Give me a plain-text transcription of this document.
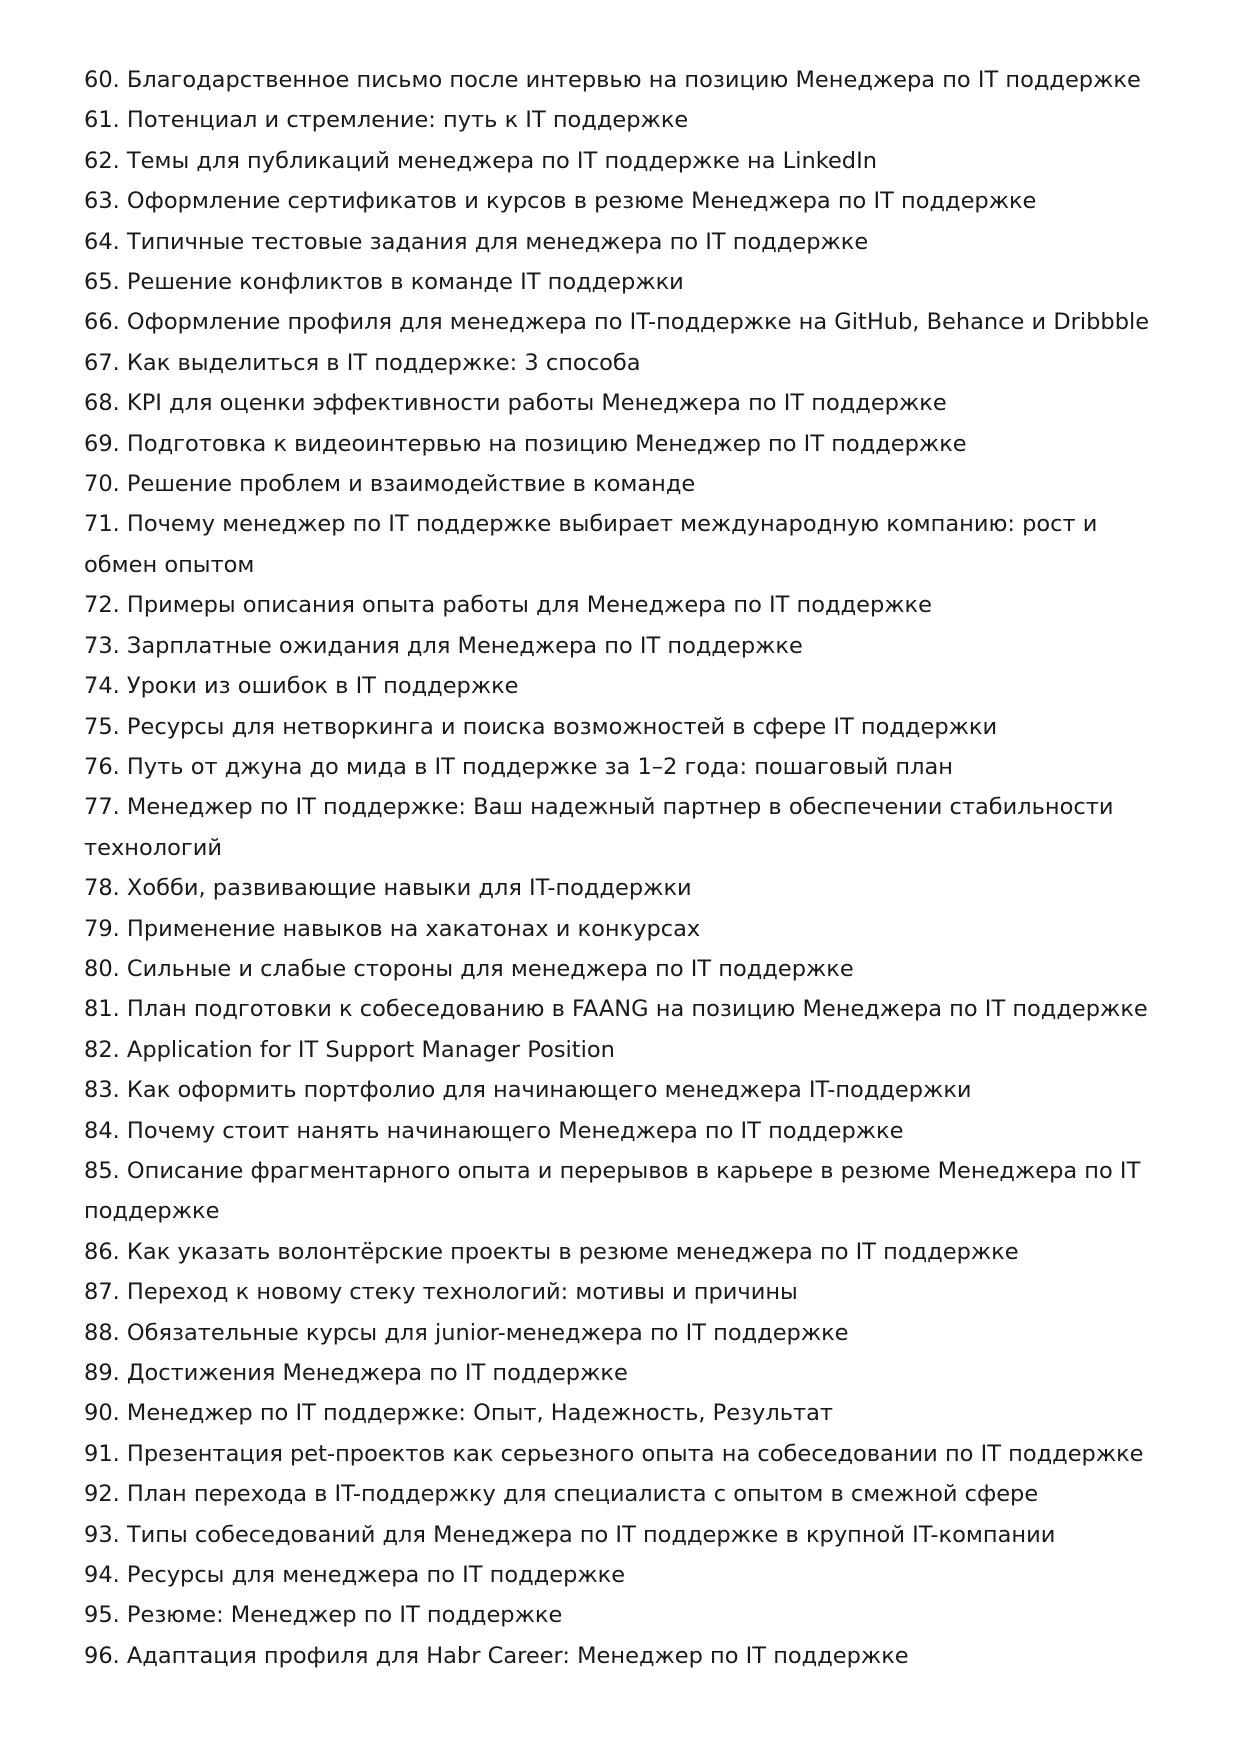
60. Благодарственное письмо после интервью на позицию Менеджера по IT поддержке
61. Потенциал и стремление: путь к IT поддержке
62. Темы для публикаций менеджера по IT поддержке на LinkedIn
63. Оформление сертификатов и курсов в резюме Менеджера по IT поддержке
64. Типичные тестовые задания для менеджера по IT поддержке
65. Решение конфликтов в команде IT поддержки
66. Оформление профиля для менеджера по IT-поддержке на GitHub, Behance и Dribbble
67. Как выделиться в IT поддержке: 3 способа
68. KPI для оценки эффективности работы Менеджера по IT поддержке
69. Подготовка к видеоинтервью на позицию Менеджер по IT поддержке
70. Решение проблем и взаимодействие в команде
71. Почему менеджер по IT поддержке выбирает международную компанию: рост и обмен опытом
72. Примеры описания опыта работы для Менеджера по IT поддержке
73. Зарплатные ожидания для Менеджера по IT поддержке
74. Уроки из ошибок в IT поддержке
75. Ресурсы для нетворкинга и поиска возможностей в сфере IT поддержки
76. Путь от джуна до мида в IT поддержке за 1–2 года: пошаговый план
77. Менеджер по IT поддержке: Ваш надежный партнер в обеспечении стабильности технологий
78. Хобби, развивающие навыки для IT-поддержки
79. Применение навыков на хакатонах и конкурсах
80. Сильные и слабые стороны для менеджера по IT поддержке
81. План подготовки к собеседованию в FAANG на позицию Менеджера по IT поддержке
82. Application for IT Support Manager Position
83. Как оформить портфолио для начинающего менеджера IT-поддержки
84. Почему стоит нанять начинающего Менеджера по IT поддержке
85. Описание фрагментарного опыта и перерывов в карьере в резюме Менеджера по IT поддержке
86. Как указать волонтёрские проекты в резюме менеджера по IT поддержке
87. Переход к новому стеку технологий: мотивы и причины
88. Обязательные курсы для junior-менеджера по IT поддержке
89. Достижения Менеджера по IT поддержке
90. Менеджер по IT поддержке: Опыт, Надежность, Результат
91. Презентация pet-проектов как серьезного опыта на собеседовании по IT поддержке
92. План перехода в IT-поддержку для специалиста с опытом в смежной сфере
93. Типы собеседований для Менеджера по IT поддержке в крупной IT-компании
94. Ресурсы для менеджера по IT поддержке
95. Резюме: Менеджер по IT поддержке
96. Адаптация профиля для Habr Career: Менеджер по IT поддержке
